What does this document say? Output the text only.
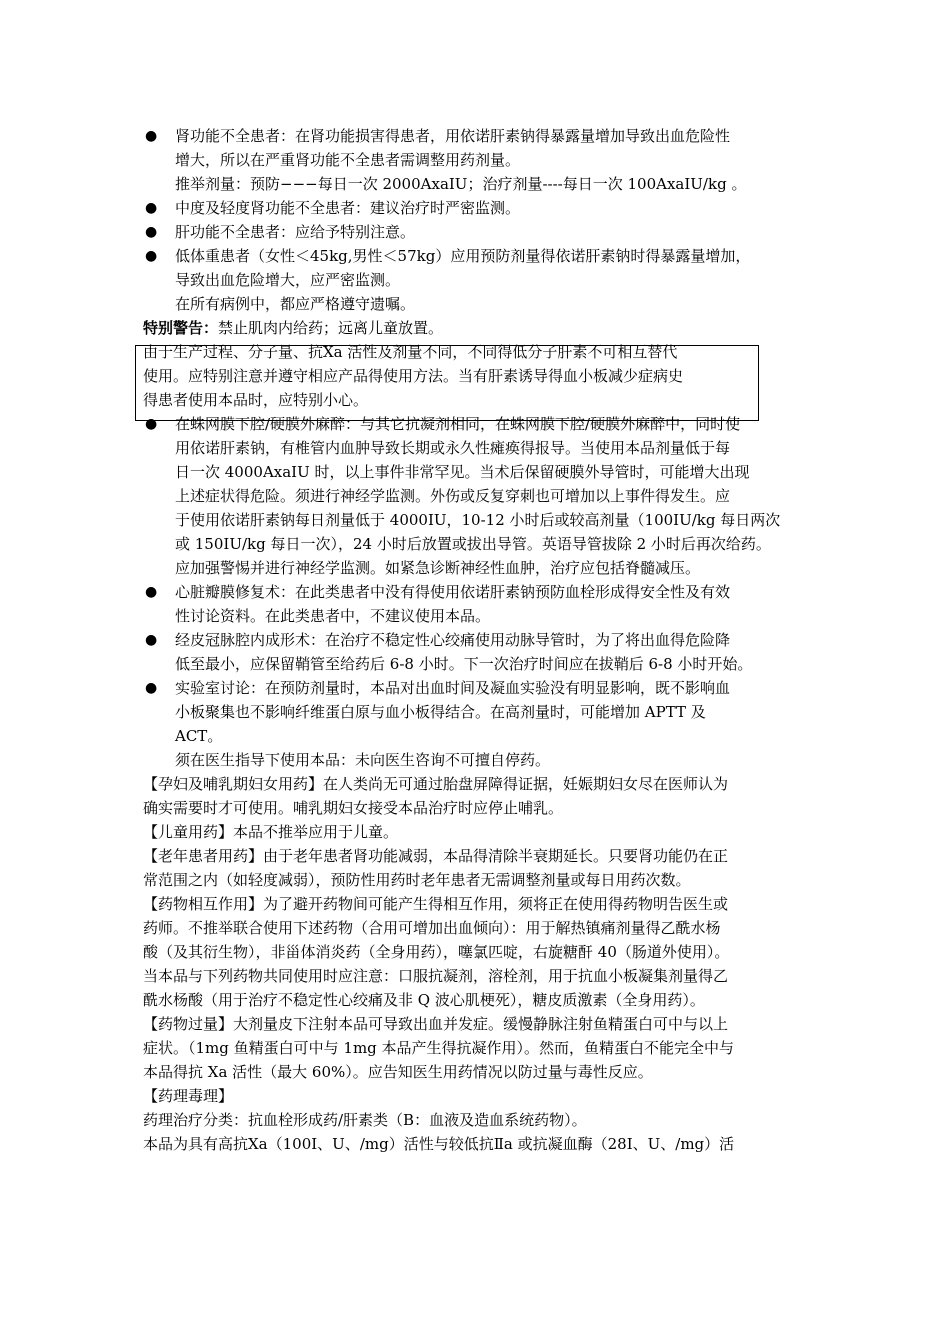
● 肾功能不全患者：在肾功能损害得患者，用依诺肝素钠得暴露量增加导致出血危险性
增大，所以在严重肾功能不全患者需调整用药剂量。
推举剂量：预防−−−每日一次 2000AxaIU；治疗剂量----每日一次 100AxaIU/kg 。
● 中度及轻度肾功能不全患者：建议治疗时严密监测。
● 肝功能不全患者：应给予特别注意。
● 低体重患者（女性＜45kg,男性＜57kg）应用预防剂量得依诺肝素钠时得暴露量增加，
导致出血危险增大，应严密监测。
在所有病例中，都应严格遵守遗嘱。
特别警告：禁止肌肉内给药；远离儿童放置。
由于生产过程、分子量、抗Ⅹa 活性及剂量不同，不同得低分子肝素不可相互替代
使用。应特别注意并遵守相应产品得使用方法。当有肝素诱导得血小板减少症病史
得患者使用本品时，应特别小心。
● 在蛛网膜下腔/硬膜外麻醉：与其它抗凝剂相同，在蛛网膜下腔/硬膜外麻醉中，同时使
用依诺肝素钠，有椎管内血肿导致长期或永久性瘫痪得报导。当使用本品剂量低于每
日一次 4000AxaIU 时，以上事件非常罕见。当术后保留硬膜外导管时，可能增大出现
上述症状得危险。须进行神经学监测。外伤或反复穿刺也可增加以上事件得发生。应
于使用依诺肝素钠每日剂量低于 4000IU，10-12 小时后或较高剂量（100IU/kg 每日两次
或 150IU/kg 每日一次），24 小时后放置或拔出导管。英语导管拔除 2 小时后再次给药。
应加强警惕并进行神经学监测。如紧急诊断神经性血肿，治疗应包括脊髓减压。
● 心脏瓣膜修复术：在此类患者中没有得使用依诺肝素钠预防血栓形成得安全性及有效
性讨论资料。在此类患者中，不建议使用本品。
● 经皮冠脉腔内成形术：在治疗不稳定性心绞痛使用动脉导管时，为了将出血得危险降
低至最小，应保留鞘管至给药后 6-8 小时。下一次治疗时间应在拔鞘后 6-8 小时开始。
● 实验室讨论：在预防剂量时，本品对出血时间及凝血实验没有明显影响，既不影响血
小板聚集也不影响纤维蛋白原与血小板得结合。在高剂量时，可能增加 APTT 及
ACT。
须在医生指导下使用本品：未向医生咨询不可擅自停药。
【孕妇及哺乳期妇女用药】在人类尚无可通过胎盘屏障得证据，妊娠期妇女尽在医师认为
确实需要时才可使用。哺乳期妇女接受本品治疗时应停止哺乳。
【儿童用药】本品不推举应用于儿童。
【老年患者用药】由于老年患者肾功能减弱，本品得清除半衰期延长。只要肾功能仍在正
常范围之内（如轻度减弱），预防性用药时老年患者无需调整剂量或每日用药次数。
【药物相互作用】为了避开药物间可能产生得相互作用，须将正在使用得药物明告医生或
药师。不推举联合使用下述药物（合用可增加出血倾向）：用于解热镇痛剂量得乙酰水杨
酸（及其衍生物），非甾体消炎药（全身用药），噻氯匹啶，右旋糖酐 40（肠道外使用）。
当本品与下列药物共同使用时应注意：口服抗凝剂，溶栓剂，用于抗血小板凝集剂量得乙
酰水杨酸（用于治疗不稳定性心绞痛及非 Q 波心肌梗死），糖皮质激素（全身用药）。
【药物过量】大剂量皮下注射本品可导致出血并发症。缓慢静脉注射鱼精蛋白可中与以上
症状。（1mg 鱼精蛋白可中与 1mg 本品产生得抗凝作用）。然而，鱼精蛋白不能完全中与
本品得抗 Xa 活性（最大 60%）。应告知医生用药情况以防过量与毒性反应。
【药理毒理】
药理治疗分类：抗血栓形成药/肝素类（B：血液及造血系统药物）。
本品为具有高抗Ⅹa（100Ⅰ、U、/mg）活性与较低抗Ⅱa 或抗凝血酶（28Ⅰ、U、/mg）活
